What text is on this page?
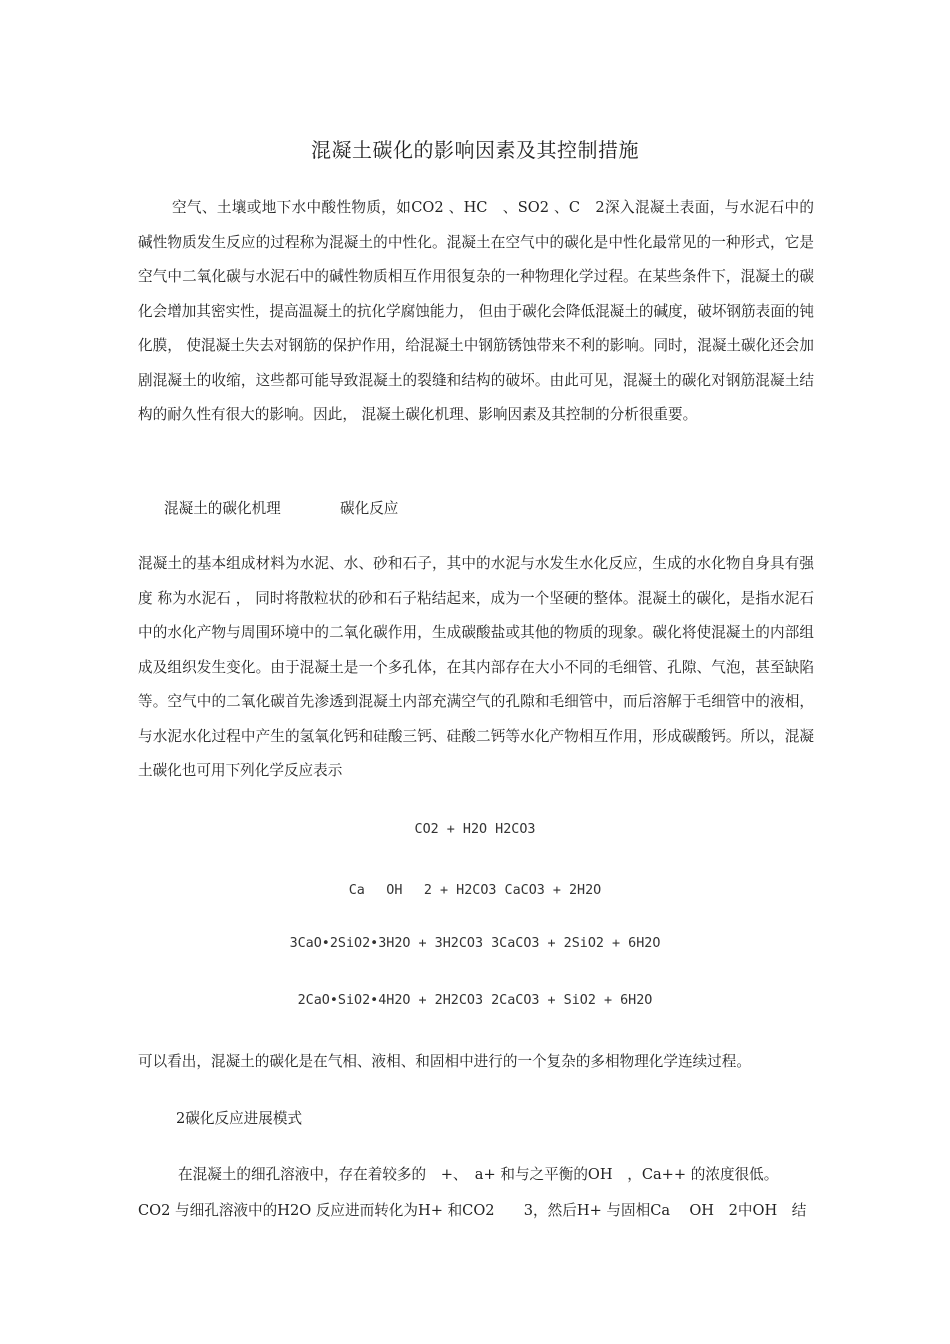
混凝土碳化的影响因素及其控制措施

空气、土壤或地下水中酸性物质，如CO2 、HC　、SO2 、C　2深入混凝土表面，与水泥石中的碱性物质发生反应的过程称为混凝土的中性化。混凝土在空气中的碳化是中性化最常见的一种形式，它是空气中二氧化碳与水泥石中的碱性物质相互作用很复杂的一种物理化学过程。在某些条件下，混凝土的碳化会增加其密实性，提高温凝土的抗化学腐蚀能力， 但由于碳化会降低混凝土的碱度，破坏钢筋表面的钝化膜， 使混凝土失去对钢筋的保护作用，给混凝土中钢筋锈蚀带来不利的影响。同时，混凝土碳化还会加剧混凝土的收缩，这些都可能导致混凝土的裂缝和结构的破坏。由此可见，混凝土的碳化对钢筋混凝土结构的耐久性有很大的影响。因此， 混凝土碳化机理、影响因素及其控制的分析很重要。

混凝土的碳化机理	碳化反应

混凝土的基本组成材料为水泥、水、砂和石子，其中的水泥与水发生水化反应，生成的水化物自身具有强度 称为水泥石 ， 同时将散粒状的砂和石子粘结起来，成为一个坚硬的整体。混凝土的碳化，是指水泥石中的水化产物与周围环境中的二氧化碳作用，生成碳酸盐或其他的物质的现象。碳化将使混凝土的内部组成及组织发生变化。由于混凝土是一个多孔体，在其内部存在大小不同的毛细管、孔隙、气泡，甚至缺陷等。空气中的二氧化碳首先渗透到混凝土内部充满空气的孔隙和毛细管中，而后溶解于毛细管中的液相，与水泥水化过程中产生的氢氧化钙和硅酸三钙、硅酸二钙等水化产物相互作用，形成碳酸钙。所以，混凝土碳化也可用下列化学反应表示

CO2 + H2O H2CO3
Ca　 OH　 2 + H2CO3 CaCO3 + 2H2O
3CaO•2SiO2•3H2O + 3H2CO3 3CaCO3 + 2SiO2 + 6H2O
2CaO•SiO2•4H2O + 2H2CO3 2CaCO3 + SiO2 + 6H2O

可以看出，混凝土的碳化是在气相、液相、和固相中进行的一个复杂的多相物理化学连续过程。

2碳化反应进展模式

在混凝土的细孔溶液中，存在着较多的　+、　a+ 和与之平衡的OH　，Ca++ 的浓度很低。

CO2 与细孔溶液中的H2O 反应进而转化为H+ 和CO2　　3，然后H+ 与固相Ca　 OH　2中OH　结
